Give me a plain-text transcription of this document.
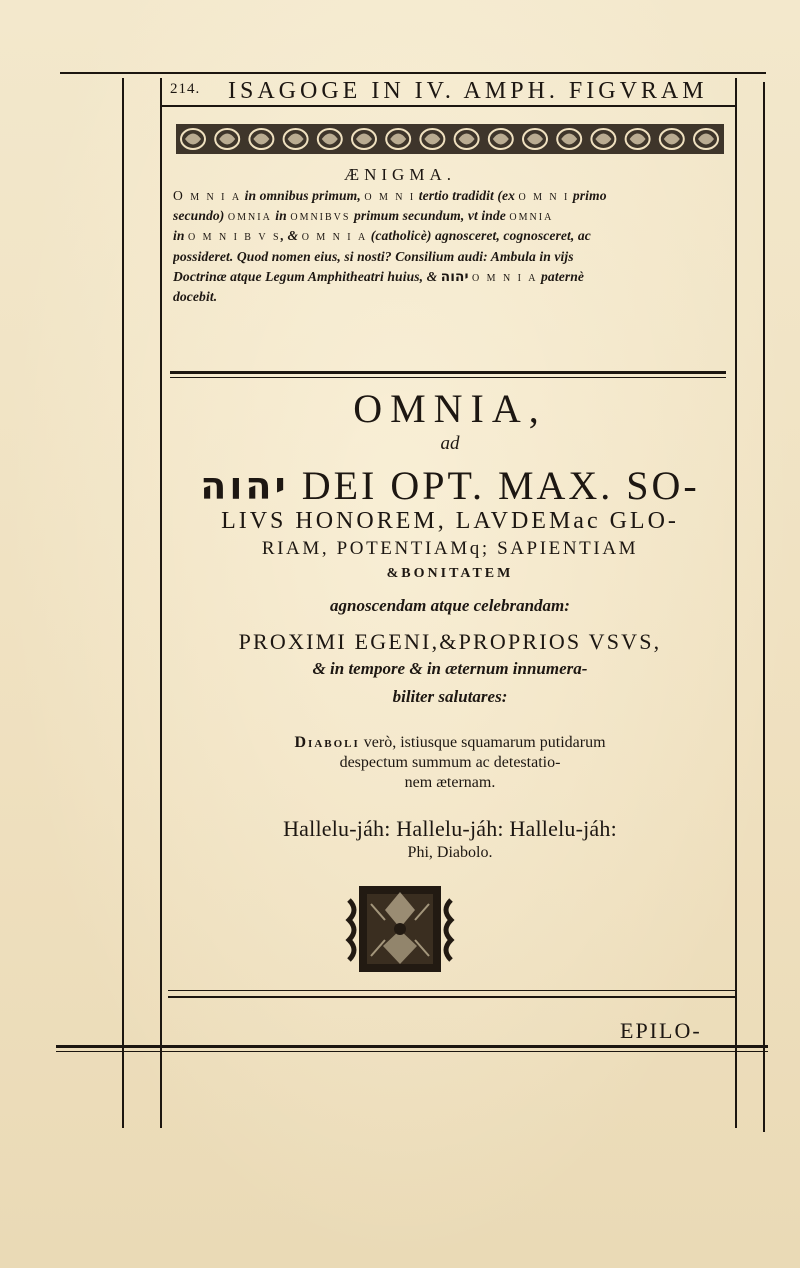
214. ISAGOGE IN IV. AMPH. FIGVRAM
ÆNIGMA.
O m n i a in omnibus primum, o m n i tertio tradidit (ex o m n i primo
secundo) omnia in omnibvs primum secundum, vt inde omnia
in o m n i b v s, & o m n i a (catholicè) agnosceret, cognosceret, ac
possideret. Quod nomen eius, si nosti? Consilium audi: Ambula in vijs
Doctrinæ atque Legum Amphitheatri huius, & יהוה o m n i a paternè
docebit.
OMNIA,
ad
יהוה DEI OPT. MAX. SO-
LIVS HONOREM, LAVDEMac GLO-
RIAM, POTENTIAMq; SAPIENTIAM
&BONITATEM
agnoscendam atque celebrandam:
PROXIMI EGENI,&PROPRIOS VSVS,
& in tempore & in æternum innumera-
biliter salutares:
Diaboli verò, istiusque squamarum putidarum
despectum summum ac detestatio-
nem æternam.
Hallelu-jáh: Hallelu-jáh: Hallelu-jáh:
Phi, Diabolo.
EPILO-
